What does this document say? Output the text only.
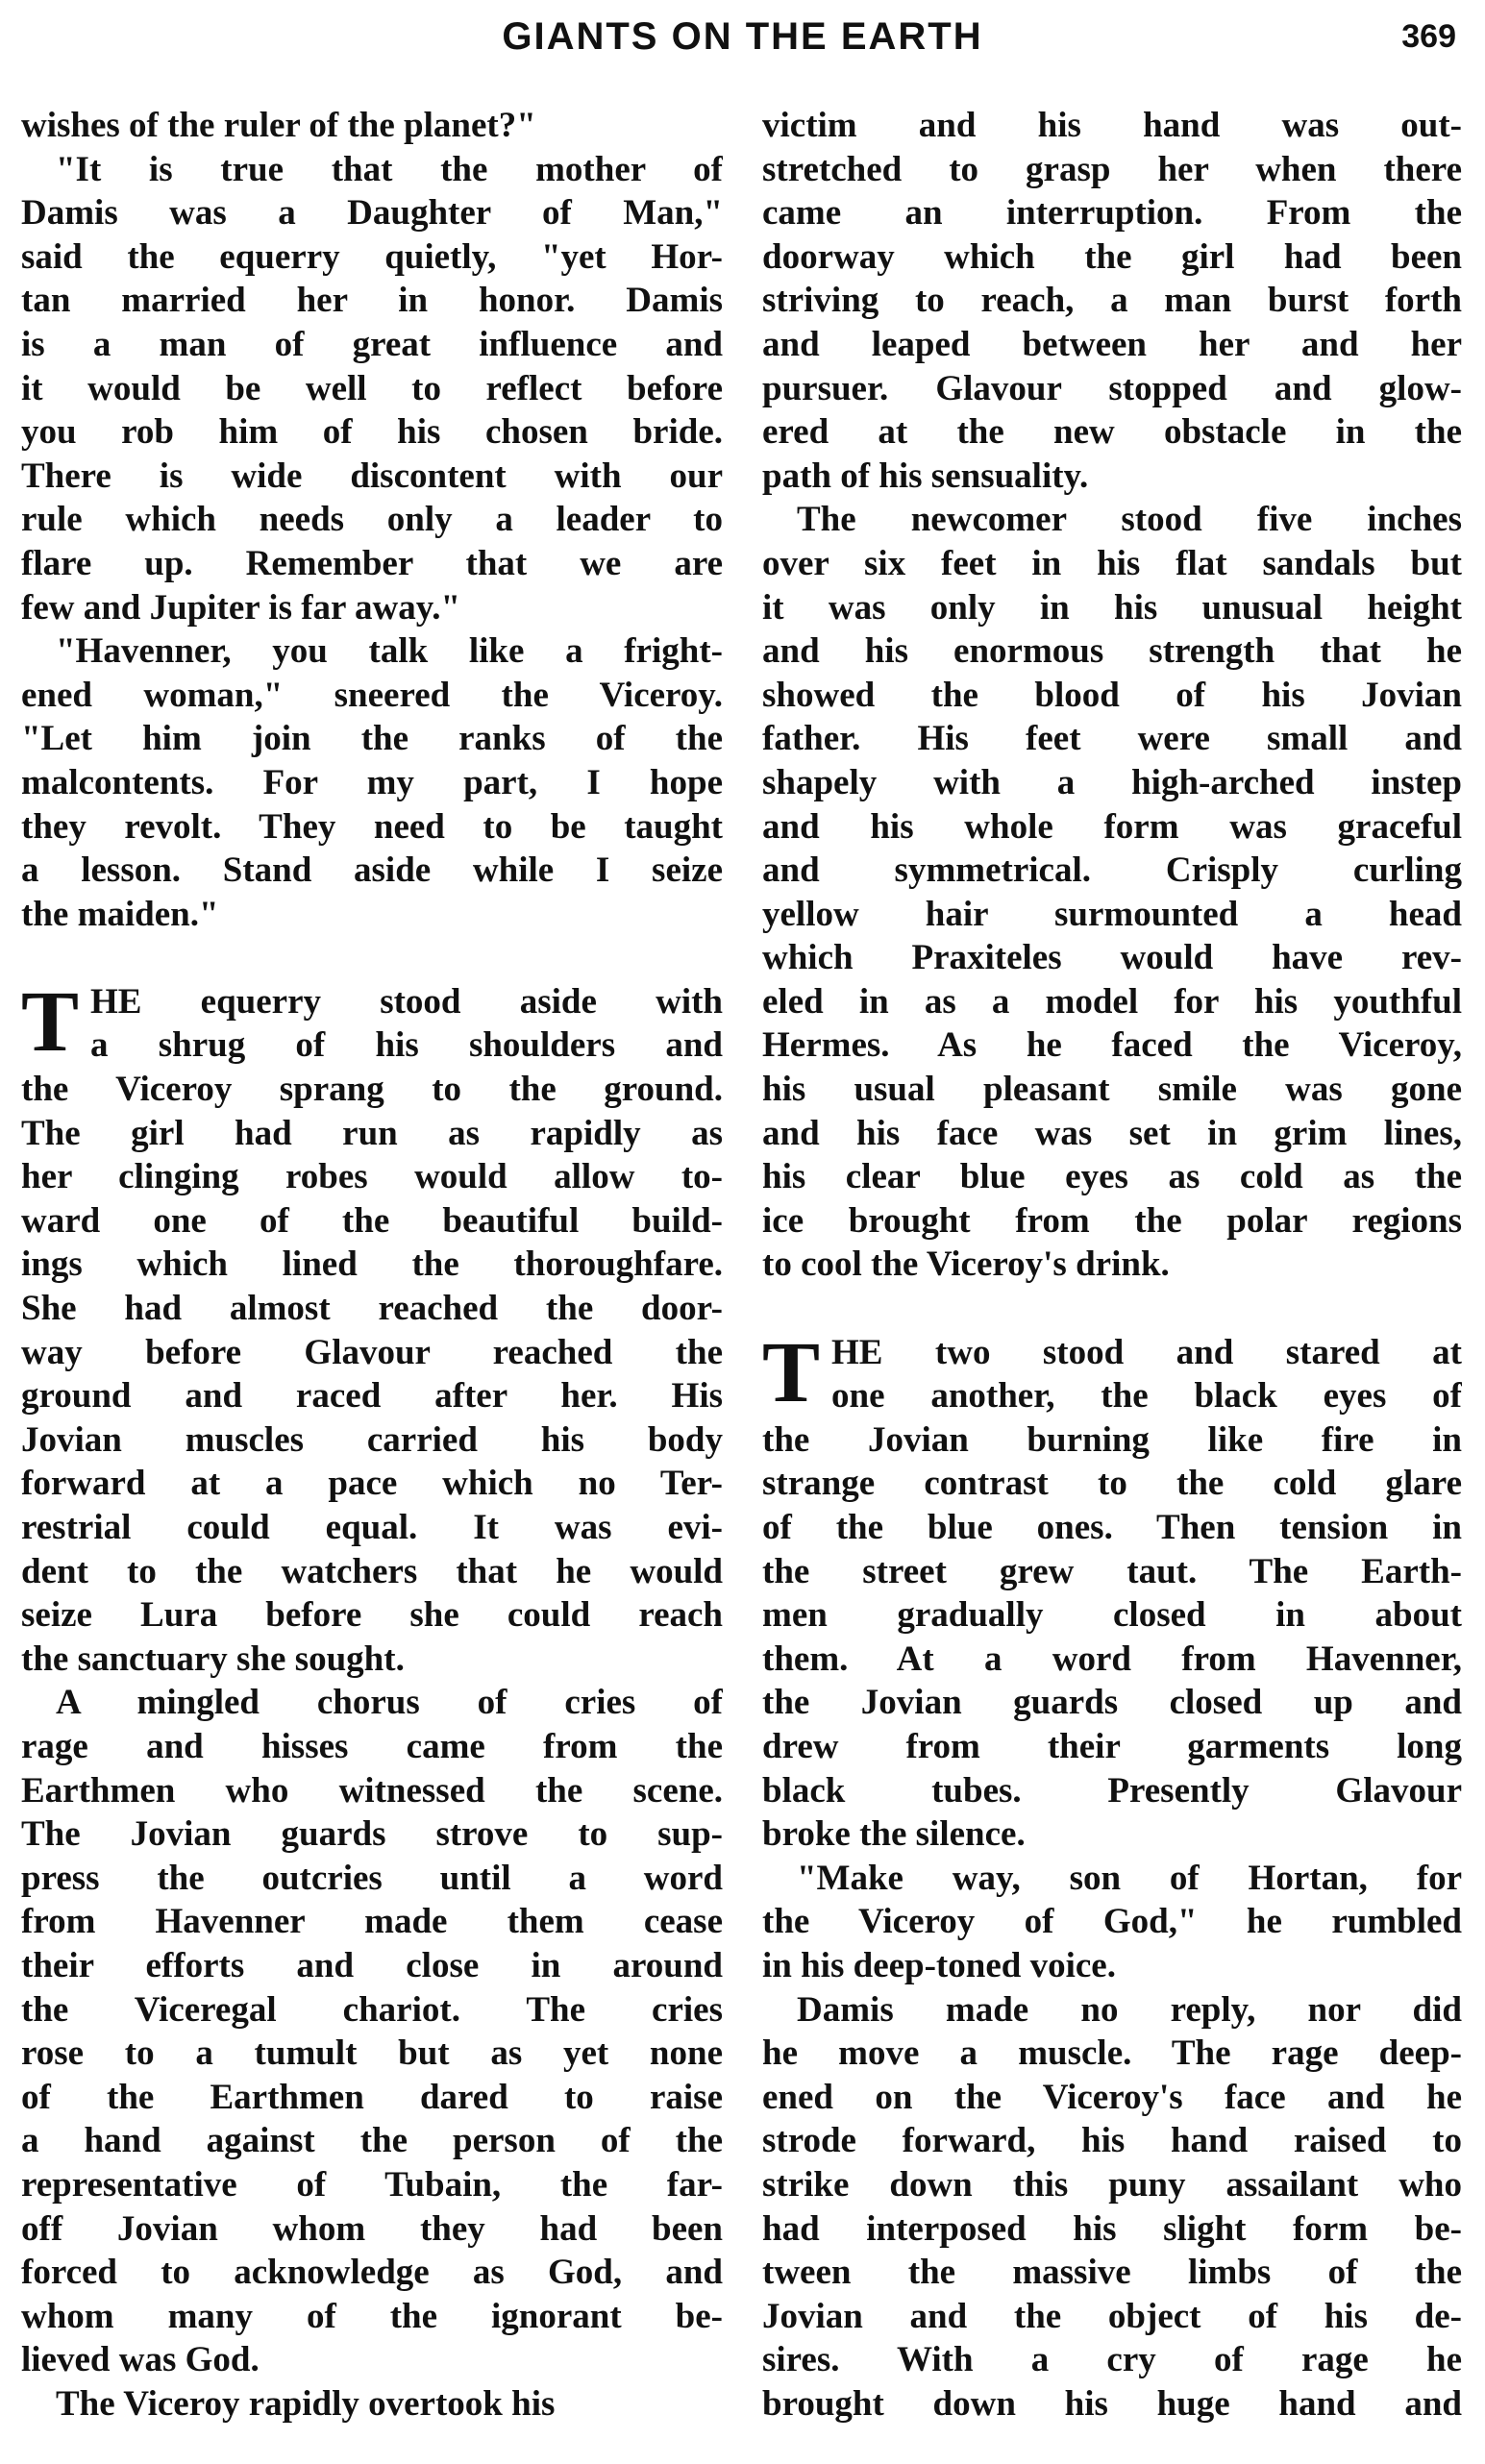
GIANTS ON THE EARTH	369
wishes of the ruler of the planet?"
"It is true that the mother of
Damis was a Daughter of Man,"
said the equerry quietly, "yet Hor-
tan married her in honor. Damis
is a man of great influence and
it would be well to reflect before
you rob him of his chosen bride.
There is wide discontent with our
rule which needs only a leader to
flare up. Remember that we are
few and Jupiter is far away."
"Havenner, you talk like a fright-
ened woman," sneered the Viceroy.
"Let him join the ranks of the
malcontents. For my part, I hope
they revolt. They need to be taught
a lesson. Stand aside while I seize
the maiden."
T HE equerry stood aside with
a shrug of his shoulders and
the Viceroy sprang to the ground.
The girl had run as rapidly as
her clinging robes would allow to-
ward one of the beautiful build-
ings which lined the thoroughfare.
She had almost reached the door-
way before Glavour reached the
ground and raced after her. His
Jovian muscles carried his body
forward at a pace which no Ter-
restrial could equal. It was evi-
dent to the watchers that he would
seize Lura before she could reach
the sanctuary she sought.
A mingled chorus of cries of
rage and hisses came from the
Earthmen who witnessed the scene.
The Jovian guards strove to sup-
press the outcries until a word
from Havenner made them cease
their efforts and close in around
the Viceregal chariot. The cries
rose to a tumult but as yet none
of the Earthmen dared to raise
a hand against the person of the
representative of Tubain, the far-
off Jovian whom they had been
forced to acknowledge as God, and
whom many of the ignorant be-
lieved was God.
The Viceroy rapidly overtook his
victim and his hand was out-
stretched to grasp her when there
came an interruption. From the
doorway which the girl had been
striving to reach, a man burst forth
and leaped between her and her
pursuer. Glavour stopped and glow-
ered at the new obstacle in the
path of his sensuality.
The newcomer stood five inches
over six feet in his flat sandals but
it was only in his unusual height
and his enormous strength that he
showed the blood of his Jovian
father. His feet were small and
shapely with a high-arched instep
and his whole form was graceful
and symmetrical. Crisply curling
yellow hair surmounted a head
which Praxiteles would have rev-
eled in as a model for his youthful
Hermes. As he faced the Viceroy,
his usual pleasant smile was gone
and his face was set in grim lines,
his clear blue eyes as cold as the
ice brought from the polar regions
to cool the Viceroy's drink.
T HE two stood and stared at
one another, the black eyes of
the Jovian burning like fire in
strange contrast to the cold glare
of the blue ones. Then tension in
the street grew taut. The Earth-
men gradually closed in about
them. At a word from Havenner,
the Jovian guards closed up and
drew from their garments long
black tubes. Presently Glavour
broke the silence.
"Make way, son of Hortan, for
the Viceroy of God," he rumbled
in his deep-toned voice.
Damis made no reply, nor did
he move a muscle. The rage deep-
ened on the Viceroy's face and he
strode forward, his hand raised to
strike down this puny assailant who
had interposed his slight form be-
tween the massive limbs of the
Jovian and the object of his de-
sires. With a cry of rage he
brought down his huge hand and
